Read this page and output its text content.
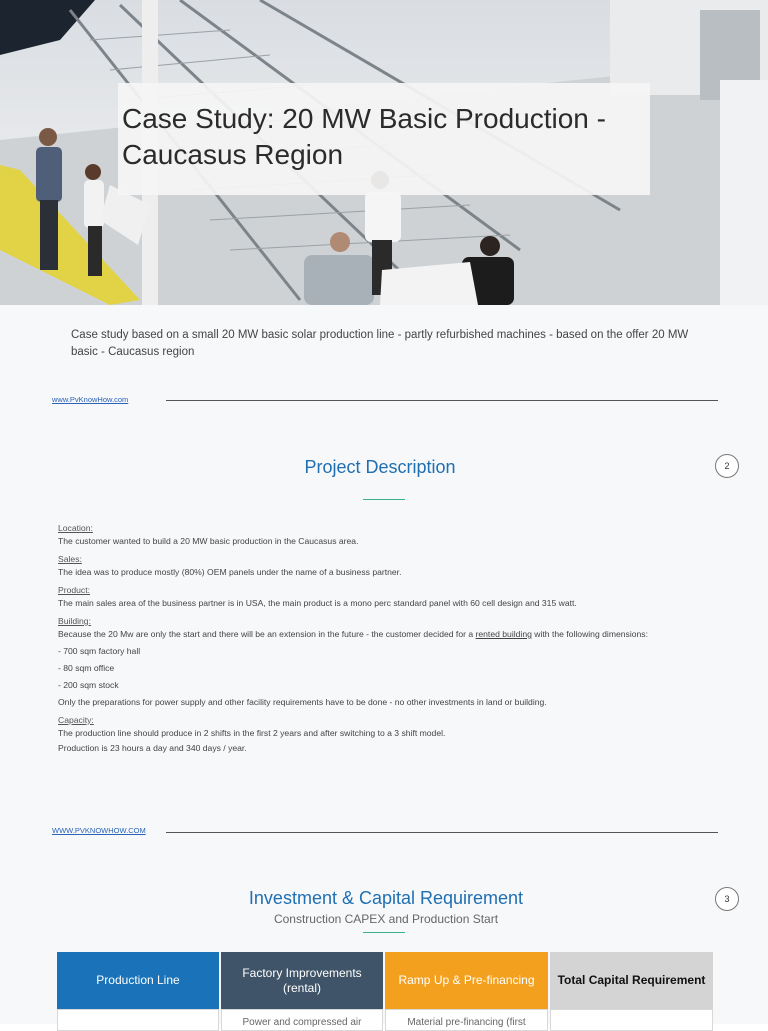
Case Study: 20 MW Basic Production - Caucasus Region
Case study based on a small 20 MW basic solar production line - partly refurbished machines - based on the offer 20 MW basic - Caucasus region
www.PvKnowHow.com
Project Description	2
Location:
The customer wanted to build a 20 MW basic production in the Caucasus area.
Sales:
The idea was to produce mostly (80%) OEM panels under the name of a business partner.
Product:
The main sales area of the business partner is in USA, the main product is a mono perc standard panel with 60 cell design and 315 watt.
Building:
Because the 20 Mw are only the start and there will be an extension in the future - the customer decided for a rented building with the following dimensions:
- 700 sqm factory hall
- 80 sqm office
- 200 sqm stock
Only the preparations for power supply and other facility requirements have to be done - no other investments in land or building.
Capacity:
The production line should produce in 2 shifts in the first 2 years and after switching to a 3 shift model.
Production is 23 hours a day and 340 days / year.
WWW.PVKNOWHOW.COM
Investment & Capital Requirement
Construction CAPEX and Production Start
3
Production Line
Factory Improvements (rental)
Ramp Up & Pre-financing Total Capital Requirement
Power and compressed air	Material pre-financing (first
